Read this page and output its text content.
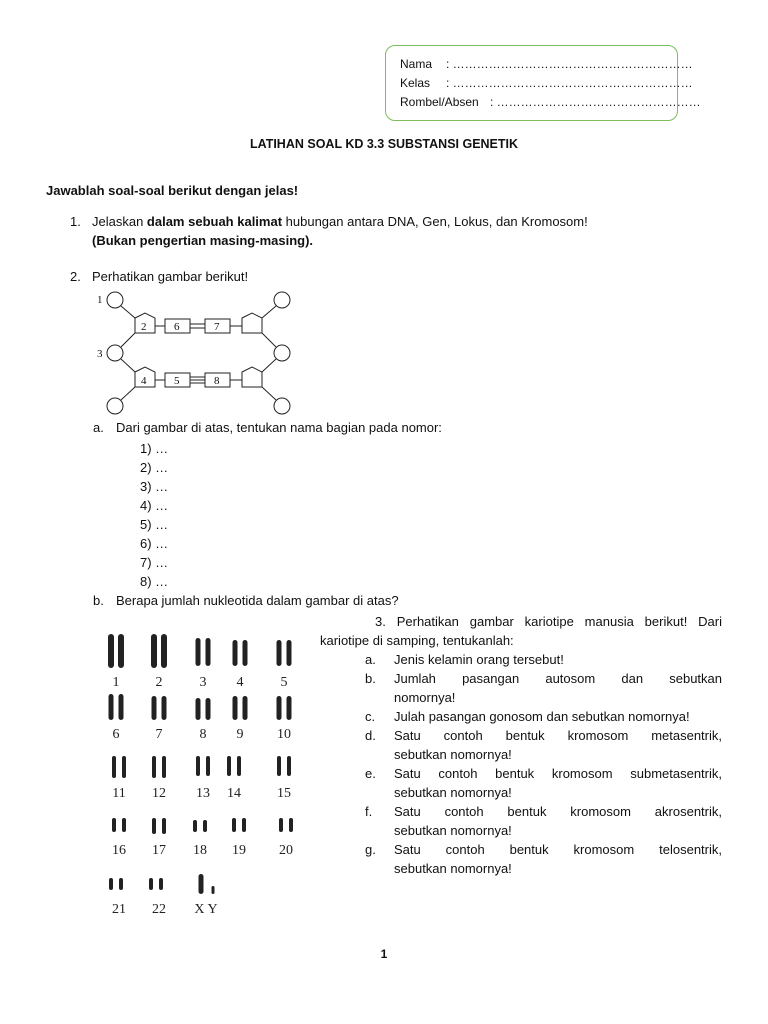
Nama : ……………………………………………………
Kelas : ……………………………………………………
Rombel/Absen : ……………………………………………
LATIHAN SOAL KD 3.3 SUBSTANSI GENETIK
Jawablah soal-soal berikut dengan jelas!
1. Jelaskan dalam sebuah kalimat hubungan antara DNA, Gen, Lokus, dan Kromosom!
(Bukan pengertian masing-masing).
2. Perhatikan gambar berikut!
1
2
3
4	5
6	7
8
a. Dari gambar di atas, tentukan nama bagian pada nomor:
1) …
2) …
3) …
4) …
5) …
6) …
7) …
8) …
b. Berapa jumlah nukleotida dalam gambar di atas?
1	2	3 4	5
6	7	8 9 10
11 12 13 14	15
16 17 18 19 20
21 22 X Y
3. Perhatikan gambar kariotipe manusia berikut! Dari
kariotipe di samping, tentukanlah:
a.	Jenis kelamin orang tersebut!
b.	Jumlah pasangan autosom dan sebutkan
nomornya!
c.	Julah pasangan gonosom dan sebutkan nomornya!
d.	Satu contoh bentuk kromosom metasentrik,
sebutkan nomornya!
e.	Satu contoh bentuk kromosom submetasentrik,
sebutkan nomornya!
f.	Satu contoh bentuk kromosom akrosentrik,
sebutkan nomornya!
g.	Satu contoh bentuk kromosom telosentrik,
sebutkan nomornya!
1
